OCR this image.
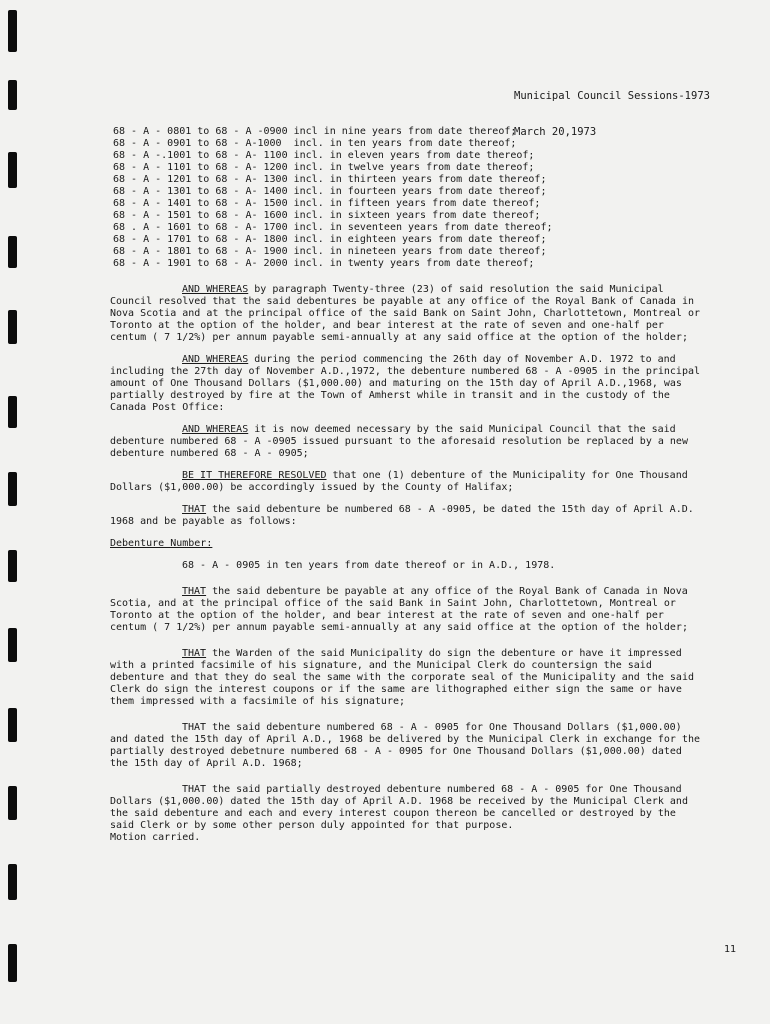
Municipal Council Sessions-1973

March 20,1973

68 - A - 0801 to 68 - A -0900 incl in nine years from date thereof;
68 - A - 0901 to 68 - A-1000  incl. in ten years from date thereof;
68 - A -.1001 to 68 - A- 1100 incl. in eleven years from date thereof;
68 - A - 1101 to 68 - A- 1200 incl. in twelve years from date thereof;
68 - A - 1201 to 68 - A- 1300 incl. in thirteen years from date thereof;
68 - A - 1301 to 68 - A- 1400 incl. in fourteen years from date thereof;
68 - A - 1401 to 68 - A- 1500 incl. in fifteen years from date thereof;
68 - A - 1501 to 68 - A- 1600 incl. in sixteen years from date thereof;
68 . A - 1601 to 68 - A- 1700 incl. in seventeen years from date thereof;
68 - A - 1701 to 68 - A- 1800 incl. in eighteen years from date thereof;
68 - A - 1801 to 68 - A- 1900 incl. in nineteen years from date thereof;
68 - A - 1901 to 68 - A- 2000 incl. in twenty years from date thereof;

AND WHEREAS by paragraph Twenty-three (23) of said resolution the said Municipal Council resolved that the said debentures be payable at any office of the Royal Bank of Canada in Nova Scotia and at the principal office of the said Bank on Saint John, Charlottetown, Montreal or Toronto at the option of the holder, and bear interest at the rate of seven and one-half per centum ( 7 1/2%) per annum payable semi-annually at any said office at the option of the holder;

AND WHEREAS during the period commencing the 26th day of November A.D. 1972 to and including the 27th day of November A.D.,1972, the debenture numbered 68 - A -0905 in the principal amount of One Thousand Dollars ($1,000.00) and maturing on the 15th day of April A.D.,1968, was partially destroyed by fire at the Town of Amherst while in transit and in the custody of the Canada Post Office:

AND WHEREAS it is now deemed necessary by the said Municipal Council that the said debenture numbered 68 - A -0905 issued pursuant to the aforesaid resolution be replaced by a new debenture numbered 68 - A - 0905;

BE IT THEREFORE RESOLVED that one (1) debenture of the Municipality for One Thousand Dollars ($1,000.00) be accordingly issued by the County of Halifax;

THAT the said debenture be numbered 68 - A -0905, be dated the 15th day of April A.D. 1968 and be payable as follows:

Debenture Number:

68 - A - 0905 in ten years from date thereof or in A.D., 1978.

THAT the said debenture be payable at any office of the Royal Bank of Canada in Nova Scotia, and at the principal office of the said Bank in Saint John, Charlottetown, Montreal or Toronto at the option of the holder, and bear interest at the rate of seven and one-half per centum ( 7 1/2%) per annum payable semi-annually at any said office at the option of the holder;

THAT the Warden of the said Municipality do sign the debenture or have it impressed with a printed facsimile of his signature, and the Municipal Clerk do countersign the said debenture and that they do seal the same with the corporate seal of the Municipality and the said Clerk do sign the interest coupons or if the same are lithographed either sign the same or have them impressed with a facsimile of his signature;

THAT the said debenture numbered 68 - A - 0905 for One Thousand Dollars ($1,000.00) and dated the 15th day of April A.D., 1968 be delivered by the Municipal Clerk in exchange for the partially destroyed debetnure numbered 68 - A - 0905 for One Thousand Dollars ($1,000.00) dated the 15th day of April A.D. 1968;

THAT the said partially destroyed debenture numbered 68 - A - 0905 for One Thousand Dollars ($1,000.00) dated the 15th day of April A.D. 1968 be received by the Municipal Clerk and the said debenture and each and every interest coupon thereon be cancelled or destroyed by the said Clerk or by some other person duly appointed for that purpose.

Motion carried.

11
